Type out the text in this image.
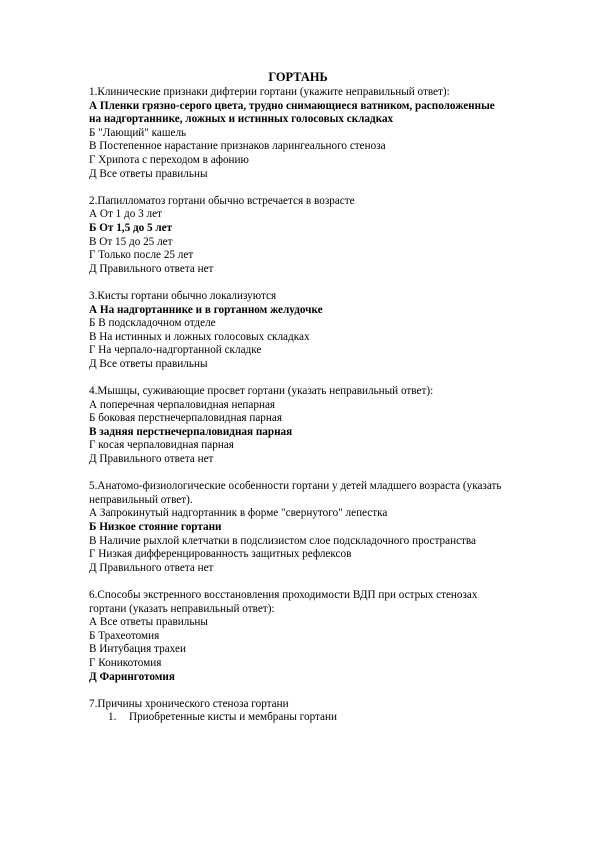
ГОРТАНЬ

1.Клинические признаки дифтерии гортани (укажите неправильный ответ):

А Пленки грязно-серого цвета, трудно снимающиеся ватником, расположенные на надгортаннике, ложных и истинных голосовых складках

Б "Лающий" кашель

В Постепенное нарастание признаков ларингеального стеноза

Г Хрипота с переходом в афонию

Д Все ответы правильны

2.Папилломатоз гортани обычно встречается в возрасте

А От 1 до 3 лет

Б От 1,5 до 5 лет

В От 15 до 25 лет

Г Только после 25 лет

Д Правильного ответа нет

3.Кисты гортани обычно локализуются

А На надгортаннике и в гортанном желудочке

Б В подскладочном отделе

В На истинных и ложных голосовых складках

Г На черпало-надгортанной складке

Д Все ответы правильны

4.Мышцы, суживающие просвет гортани (указать неправильный ответ):

А поперечная черпаловидная непарная

Б боковая перстнечерпаловидная парная

В задняя перстнечерпаловидная парная

Г косая черпаловидная парная

Д Правильного ответа нет

5.Анатомо-физиологические особенности гортани у детей младшего возраста (указать неправильный ответ).

А Запрокинутый надгортанник в форме "свернутого" лепестка

Б Низкое стояние гортани

В Наличие рыхлой клетчатки в подслизистом слое подскладочного пространства

Г Низкая дифференцированность защитных рефлексов

Д Правильного ответа нет

6.Способы экстренного восстановления проходимости ВДП при острых стенозах гортани (указать неправильный ответ):

А Все ответы правильны

Б Трахеотомия

В Интубация трахеи

Г Коникотомия

Д Фаринготомия

7.Причины хронического стеноза гортани

1. Приобретенные кисты и мембраны гортани
